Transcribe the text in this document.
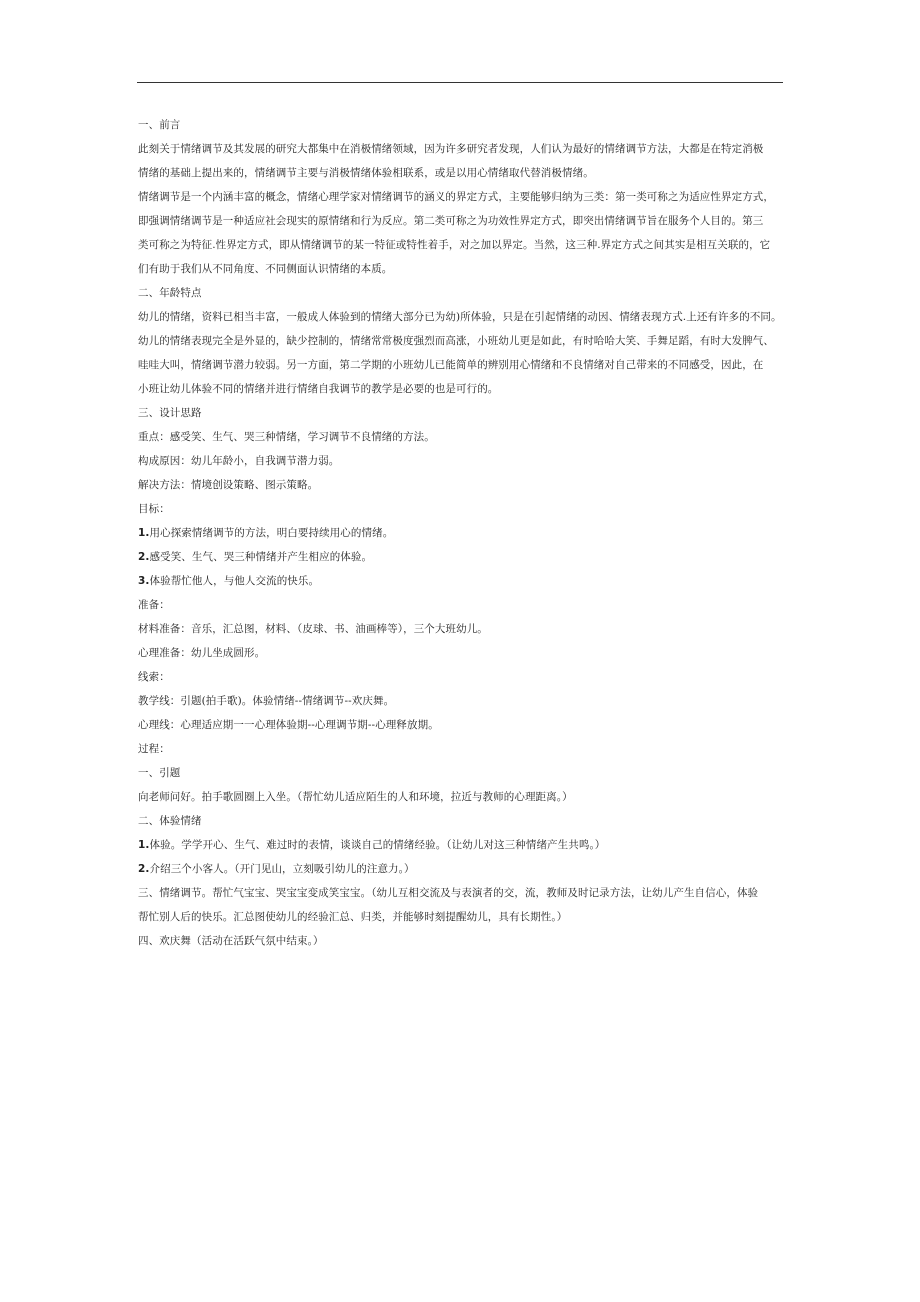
一、前言
此刻关于情绪调节及其发展的研究大都集中在消极情绪领域，因为许多研究者发现，人们认为最好的情绪调节方法，大都是在特定消极
情绪的基础上提出来的，情绪调节主要与消极情绪体验相联系，或是以用心情绪取代替消极情绪。
情绪调节是一个内涵丰富的概念，情绪心理学家对情绪调节的涵义的界定方式，主要能够归纳为三类：第一类可称之为适应性界定方式，
即强调情绪调节是一种适应社会现实的原情绪和行为反应。第二类可称之为功效性界定方式，即突出情绪调节旨在服务个人目的。第三
类可称之为特征.性界定方式，即从情绪调节的某一特征或特性着手，对之加以界定。当然，这三种.界定方式之间其实是相互关联的，它
们有助于我们从不同角度、不同侧面认识情绪的本质。
二、年龄特点
幼儿的情绪，资料已相当丰富，一般成人体验到的情绪大部分已为幼)所体验，只是在引起情绪的动因、情绪表现方式.上还有许多的不同。
幼儿的情绪表现完全是外显的，缺少控制的，情绪常常极度强烈而高涨，小班幼儿更是如此，有时哈哈大笑、手舞足蹈，有时大发脾气、
哇哇大叫，情绪调节潜力较弱。另一方面，第二学期的小班幼儿已能简单的辨别用心情绪和不良情绪对自己带来的不同感受，因此，在
小班让幼儿体验不同的情绪并进行情绪自我调节的教学是必要的也是可行的。
三、设计思路
重点：感受笑、生气、哭三种情绪，学习调节不良情绪的方法。
构成原因：幼儿年龄小，自我调节潜力弱。
解决方法：情境创设策略、图示策略。
目标：
1.用心探索情绪调节的方法，明白要持续用心的情绪。
2.感受笑、生气、哭三种情绪并产生相应的体验。
3.体验帮忙他人，与他人交流的快乐。
准备：
材料准备：音乐，汇总图，材料、（皮球、书、油画棒等），三个大班幼儿。
心理准备：幼儿坐成圆形。
线索：
教学线：引题(拍手歌)。体验情绪--情绪调节--欢庆舞。
心理线：心理适应期一一心理体验期--心理调节期--心理释放期。
过程：
一、引题
向老师问好。拍手歌圆圈上入坐。（帮忙幼儿适应陌生的人和环境，拉近与教师的心理距离。）
二、体验情绪
1.体验。学学开心、生气、难过时的表情，谈谈自己的情绪经验。（让幼儿对这三种情绪产生共鸣。）
2.介绍三个小客人。（开门见山，立刻吸引幼儿的注意力。）
三、情绪调节。帮忙气宝宝、哭宝宝变成笑宝宝。（幼儿互相交流及与表演者的交，流，教师及时记录方法，让幼儿产生自信心，体验
帮忙别人后的快乐。汇总图使幼儿的经验汇总、归类，并能够时刻提醒幼儿，具有长期性。）
四、欢庆舞（活动在活跃气氛中结束。）
